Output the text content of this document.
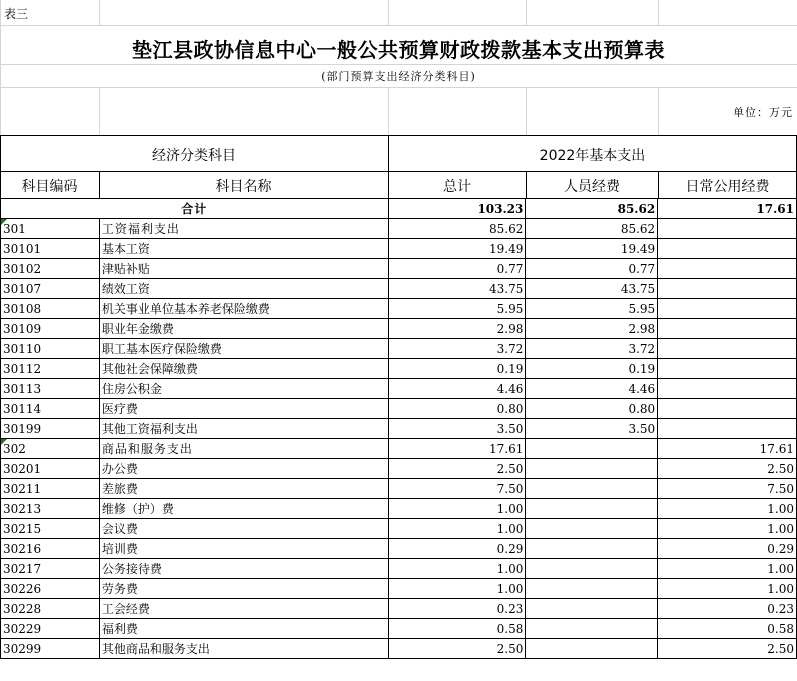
表三
垫江县政协信息中心一般公共预算财政拨款基本支出预算表
(部门预算支出经济分类科目)
单位：万元
经济分类科目	2022年基本支出
科目编码	科目名称	总计	人员经费	日常公用经费
合计		103.23	85.62	17.61
301	工资福利支出	85.62	85.62	
30101	基本工资	19.49	19.49	
30102	津贴补贴	0.77	0.77	
30107	绩效工资	43.75	43.75	
30108	机关事业单位基本养老保险缴费	5.95	5.95	
30109	职业年金缴费	2.98	2.98	
30110	职工基本医疗保险缴费	3.72	3.72	
30112	其他社会保障缴费	0.19	0.19	
30113	住房公积金	4.46	4.46	
30114	医疗费	0.80	0.80	
30199	其他工资福利支出	3.50	3.50	
302	商品和服务支出	17.61		17.61
30201	办公费	2.50		2.50
30211	差旅费	7.50		7.50
30213	维修（护）费	1.00		1.00
30215	会议费	1.00		1.00
30216	培训费	0.29		0.29
30217	公务接待费	1.00		1.00
30226	劳务费	1.00		1.00
30228	工会经费	0.23		0.23
30229	福利费	0.58		0.58
30299	其他商品和服务支出	2.50		2.50
